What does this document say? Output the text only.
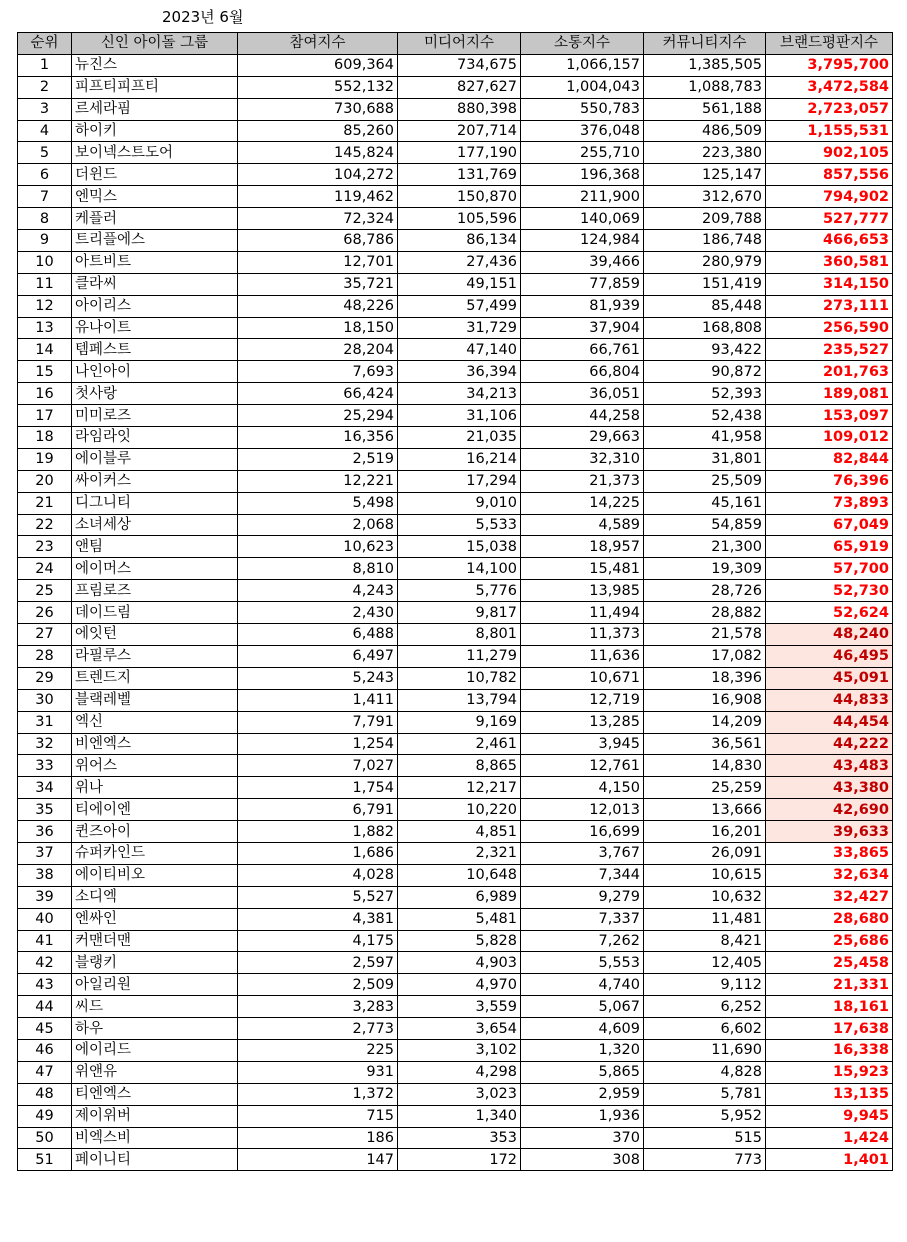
2023년 6월
순위	신인 아이돌 그룹	참여지수	미디어지수	소통지수	커뮤니티지수	브랜드평판지수
1	뉴진스	609,364	734,675	1,066,157	1,385,505	3,795,700
2	피프티피프티	552,132	827,627	1,004,043	1,088,783	3,472,584
3	르세라핌	730,688	880,398	550,783	561,188	2,723,057
4	하이키	85,260	207,714	376,048	486,509	1,155,531
5	보이넥스트도어	145,824	177,190	255,710	223,380	902,105
6	더윈드	104,272	131,769	196,368	125,147	857,556
7	엔믹스	119,462	150,870	211,900	312,670	794,902
8	케플러	72,324	105,596	140,069	209,788	527,777
9	트리플에스	68,786	86,134	124,984	186,748	466,653
10	아트비트	12,701	27,436	39,466	280,979	360,581
11	클라씨	35,721	49,151	77,859	151,419	314,150
12	아이리스	48,226	57,499	81,939	85,448	273,111
13	유나이트	18,150	31,729	37,904	168,808	256,590
14	템페스트	28,204	47,140	66,761	93,422	235,527
15	나인아이	7,693	36,394	66,804	90,872	201,763
16	첫사랑	66,424	34,213	36,051	52,393	189,081
17	미미로즈	25,294	31,106	44,258	52,438	153,097
18	라임라잇	16,356	21,035	29,663	41,958	109,012
19	에이블루	2,519	16,214	32,310	31,801	82,844
20	싸이커스	12,221	17,294	21,373	25,509	76,396
21	디그니티	5,498	9,010	14,225	45,161	73,893
22	소녀세상	2,068	5,533	4,589	54,859	67,049
23	앤팀	10,623	15,038	18,957	21,300	65,919
24	에이머스	8,810	14,100	15,481	19,309	57,700
25	프림로즈	4,243	5,776	13,985	28,726	52,730
26	데이드림	2,430	9,817	11,494	28,882	52,624
27	에잇턴	6,488	8,801	11,373	21,578	48,240
28	라필루스	6,497	11,279	11,636	17,082	46,495
29	트렌드지	5,243	10,782	10,671	18,396	45,091
30	블랙레벨	1,411	13,794	12,719	16,908	44,833
31	엑신	7,791	9,169	13,285	14,209	44,454
32	비엔엑스	1,254	2,461	3,945	36,561	44,222
33	위어스	7,027	8,865	12,761	14,830	43,483
34	위나	1,754	12,217	4,150	25,259	43,380
35	티에이엔	6,791	10,220	12,013	13,666	42,690
36	퀸즈아이	1,882	4,851	16,699	16,201	39,633
37	슈퍼카인드	1,686	2,321	3,767	26,091	33,865
38	에이티비오	4,028	10,648	7,344	10,615	32,634
39	소디엑	5,527	6,989	9,279	10,632	32,427
40	엔싸인	4,381	5,481	7,337	11,481	28,680
41	커맨더맨	4,175	5,828	7,262	8,421	25,686
42	블랭키	2,597	4,903	5,553	12,405	25,458
43	아일리원	2,509	4,970	4,740	9,112	21,331
44	씨드	3,283	3,559	5,067	6,252	18,161
45	하우	2,773	3,654	4,609	6,602	17,638
46	에이리드	225	3,102	1,320	11,690	16,338
47	위앤유	931	4,298	5,865	4,828	15,923
48	티엔엑스	1,372	3,023	2,959	5,781	13,135
49	제이위버	715	1,340	1,936	5,952	9,945
50	비엑스비	186	353	370	515	1,424
51	페이니티	147	172	308	773	1,401
